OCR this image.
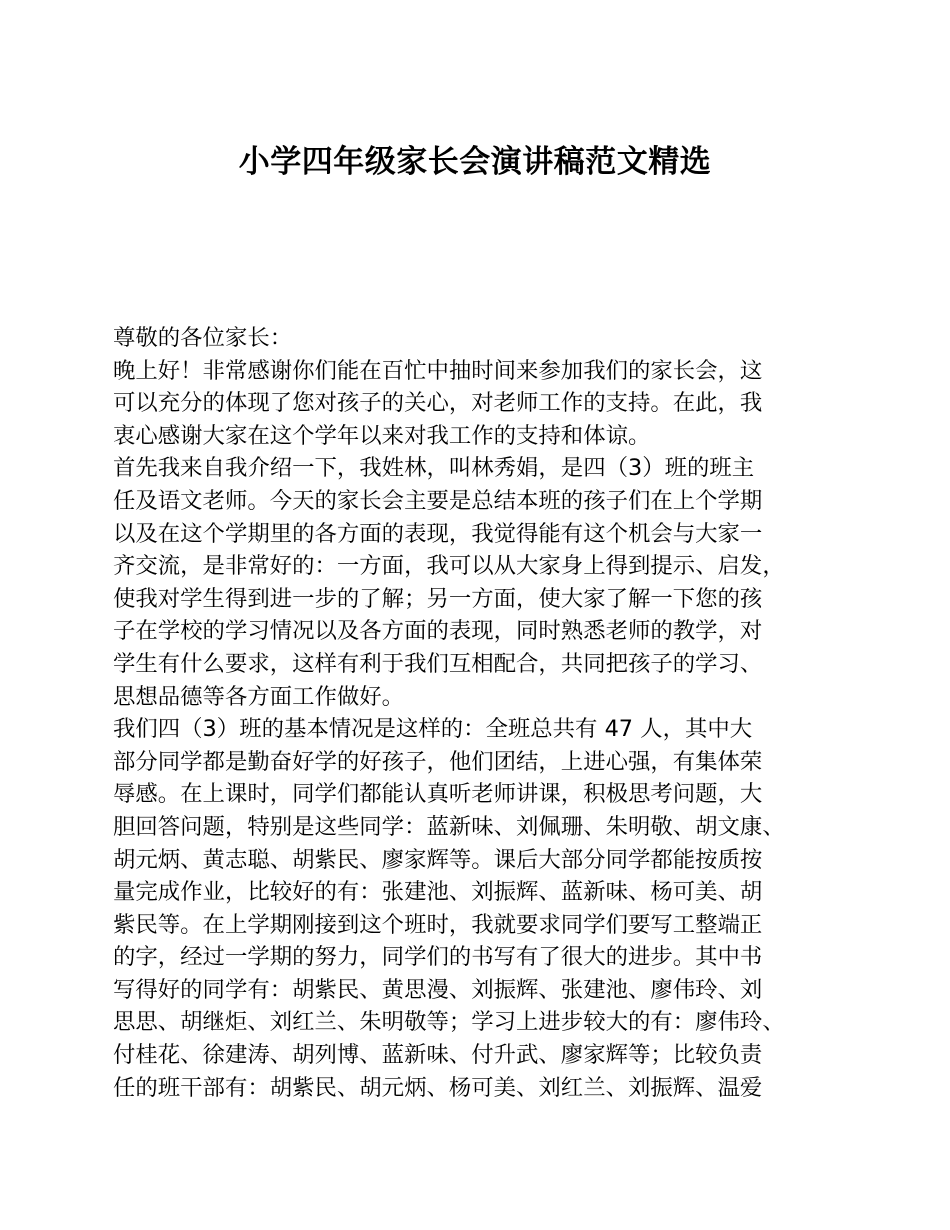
小学四年级家长会演讲稿范文精选
尊敬的各位家长：
晚上好！非常感谢你们能在百忙中抽时间来参加我们的家长会，这
可以充分的体现了您对孩子的关心，对老师工作的支持。在此，我
衷心感谢大家在这个学年以来对我工作的支持和体谅。
首先我来自我介绍一下，我姓林，叫林秀娟，是四（3）班的班主
任及语文老师。今天的家长会主要是总结本班的孩子们在上个学期
以及在这个学期里的各方面的表现，我觉得能有这个机会与大家一
齐交流，是非常好的：一方面，我可以从大家身上得到提示、启发，
使我对学生得到进一步的了解；另一方面，使大家了解一下您的孩
子在学校的学习情况以及各方面的表现，同时熟悉老师的教学，对
学生有什么要求，这样有利于我们互相配合，共同把孩子的学习、
思想品德等各方面工作做好。
我们四（3）班的基本情况是这样的：全班总共有 47 人，其中大
部分同学都是勤奋好学的好孩子，他们团结，上进心强，有集体荣
辱感。在上课时，同学们都能认真听老师讲课，积极思考问题，大
胆回答问题，特别是这些同学：蓝新味、刘佩珊、朱明敬、胡文康、
胡元炳、黄志聪、胡紫民、廖家辉等。课后大部分同学都能按质按
量完成作业，比较好的有：张建池、刘振辉、蓝新味、杨可美、胡
紫民等。在上学期刚接到这个班时，我就要求同学们要写工整端正
的字，经过一学期的努力，同学们的书写有了很大的进步。其中书
写得好的同学有：胡紫民、黄思漫、刘振辉、张建池、廖伟玲、刘
思思、胡继炬、刘红兰、朱明敬等；学习上进步较大的有：廖伟玲、
付桂花、徐建涛、胡列博、蓝新味、付升武、廖家辉等；比较负责
任的班干部有：胡紫民、胡元炳、杨可美、刘红兰、刘振辉、温爱
